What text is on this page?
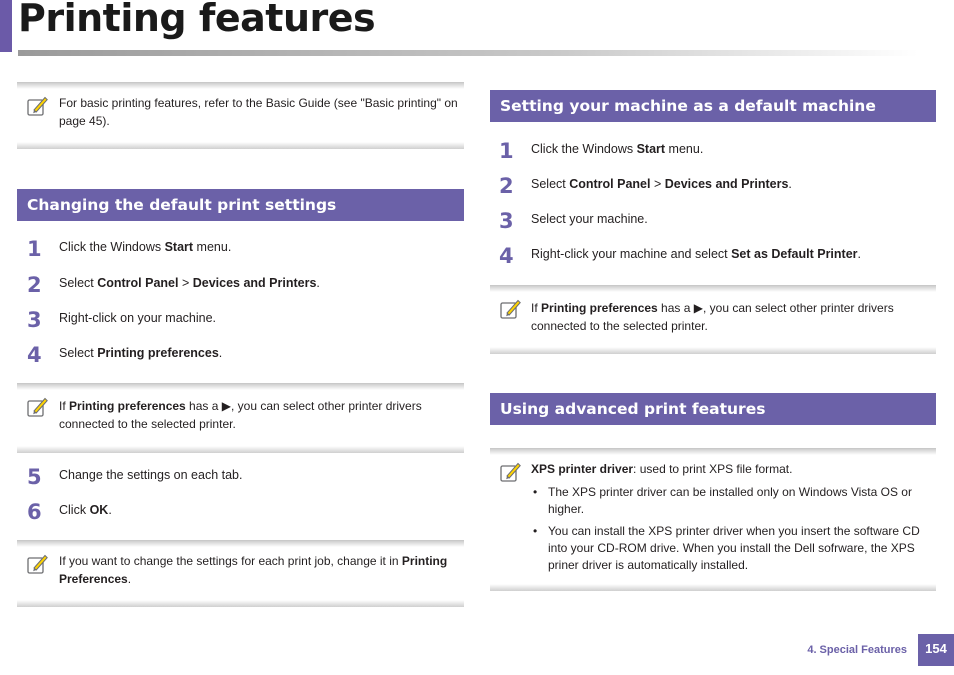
Printing features
For basic printing features, refer to the Basic Guide (see "Basic printing" on page 45).
Changing the default print settings
1 Click the Windows Start menu.
2 Select Control Panel > Devices and Printers.
3 Right-click on your machine.
4 Select Printing preferences.
If Printing preferences has a ▶, you can select other printer drivers connected to the selected printer.
5 Change the settings on each tab.
6 Click OK.
If you want to change the settings for each print job, change it in Printing Preferences.
Setting your machine as a default machine
1 Click the Windows Start menu.
2 Select Control Panel > Devices and Printers.
3 Select your machine.
4 Right-click your machine and select Set as Default Printer.
If Printing preferences has a ▶, you can select other printer drivers connected to the selected printer.
Using advanced print features
XPS printer driver: used to print XPS file format.
• The XPS printer driver can be installed only on Windows Vista OS or higher.
• You can install the XPS printer driver when you insert the software CD into your CD-ROM drive. When you install the Dell sofrware, the XPS priner driver is automatically installed.
4. Special Features	154
